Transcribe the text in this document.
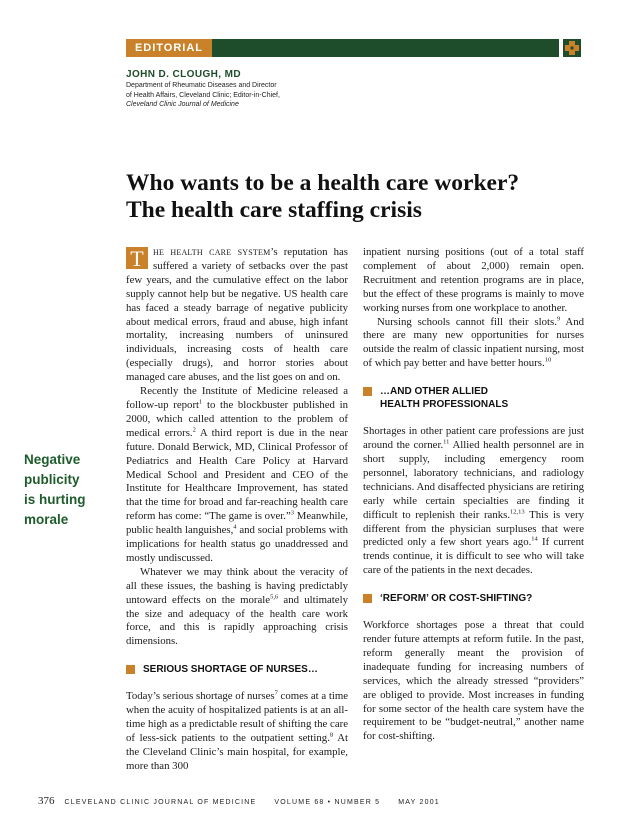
EDITORIAL
JOHN D. CLOUGH, MD
Department of Rheumatic Diseases and Director
of Health Affairs, Cleveland Clinic; Editor-in-Chief,
Cleveland Clinic Journal of Medicine
Who wants to be a health care worker?
The health care staffing crisis
Negative
publicity
is hurting
morale

T he health care system’s reputation has suffered a variety of setbacks over the past few years, and the cumulative effect on the labor supply cannot help but be negative. US health care has faced a steady barrage of negative publicity about medical errors, fraud and abuse, high infant mortality, increasing numbers of uninsured individuals, increasing costs of health care (especially drugs), and horror stories about managed care abuses, and the list goes on and on.

Recently the Institute of Medicine released a follow-up report$^1$ to the blockbuster published in 2000, which called attention to the problem of medical errors.$^2$ A third report is due in the near future. Donald Berwick, MD, Clinical Professor of Pediatrics and Health Care Policy at Harvard Medical School and President and CEO of the Institute for Healthcare Improvement, has stated that the time for broad and far-reaching health care reform has come: “The game is over.”$^3$ Meanwhile, public health languishes,$^4$ and social problems with implications for health status go unaddressed and mostly undiscussed.

Whatever we may think about the veracity of all these issues, the bashing is having predictably untoward effects on the morale$^{5,6}$ and ultimately the size and adequacy of the health care work force, and this is rapidly approaching crisis dimensions.

SERIOUS SHORTAGE OF NURSES…

Today’s serious shortage of nurses$^7$ comes at a time when the acuity of hospitalized patients is at an all-time high as a predictable result of shifting the care of less-sick patients to the outpatient setting.$^8$ At the Cleveland Clinic’s main hospital, for example, more than 300

inpatient nursing positions (out of a total staff complement of about 2,000) remain open. Recruitment and retention programs are in place, but the effect of these programs is mainly to move working nurses from one workplace to another.

Nursing schools cannot fill their slots.$^9$ And there are many new opportunities for nurses outside the realm of classic inpatient nursing, most of which pay better and have better hours.$^{10}$

…AND OTHER ALLIED
HEALTH PROFESSIONALS

Shortages in other patient care professions are just around the corner.$^{11}$ Allied health personnel are in short supply, including emergency room personnel, laboratory technicians, and radiology technicians. And disaffected physicians are retiring early while certain specialties are finding it difficult to replenish their ranks.$^{12,13}$ This is very different from the physician surpluses that were predicted only a few short years ago.$^{14}$ If current trends continue, it is difficult to see who will take care of the patients in the next decades.

‘REFORM’ OR COST-SHIFTING?

Workforce shortages pose a threat that could render future attempts at reform futile. In the past, reform generally meant the provision of inadequate funding for increasing numbers of services, which the already stressed “providers” are obliged to provide. Most increases in funding for some sector of the health care system have the requirement to be “budget-neutral,” another name for cost-shifting.

376 CLEVELAND CLINIC JOURNAL OF MEDICINE	VOLUME 68 • NUMBER 5	MAY 2001
